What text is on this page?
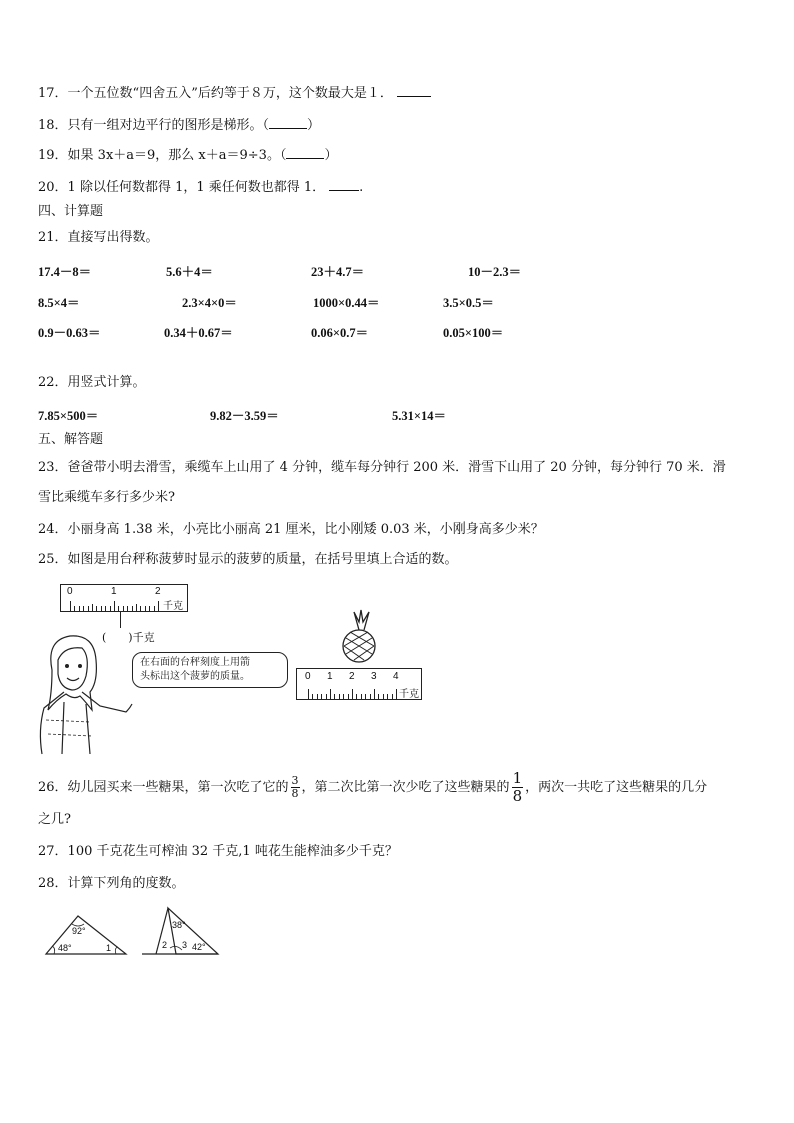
17．一个五位数“四舍五入”后约等于８万，这个数最大是１．
18．只有一组对边平行的图形是梯形。（	）
19．如果 3x＋a＝9，那么 x＋a＝9÷3。（	）
20．1 除以任何数都得 1，1 乘任何数也都得 1．	.
四、计算题
21．直接写出得数。
17.4－8＝	5.6＋4＝	23＋4.7＝	10－2.3＝
8.5×4＝	2.3×4×0＝	1000×0.44＝	3.5×0.5＝
0.9－0.63＝	0.34＋0.67＝	0.06×0.7＝	0.05×100＝
22．用竖式计算。
7.85×500＝	9.82－3.59＝	5.31×14＝
五、解答题
23．爸爸带小明去滑雪，乘缆车上山用了 4 分钟，缆车每分钟行 200 米．滑雪下山用了 20 分钟，每分钟行 70 米．滑
雪比乘缆车多行多少米?
24．小丽身高 1.38 米，小亮比小丽高 21 厘米，比小刚矮 0.03 米，小刚身高多少米？
25．如图是用台秤称菠萝时显示的菠萝的质量，在括号里填上合适的数。
0	1	2
千克
(　　)千克
在右面的台秤刻度上用箭
头标出这个菠萝的质量。	0 1 2 3 4
千克
26．幼儿园买来一些糖果，第一次吃了它的 $\frac{3}{8}$ ，第二次比第一次少吃了这些糖果的 $\frac{1}{8}$ ，两次一共吃了这些糖果的几分
之几?
27．100 千克花生可榨油 32 千克,1 吨花生能榨油多少千克？
28．计算下列角的度数。
92°
48°	1
38°
2 3 42°
